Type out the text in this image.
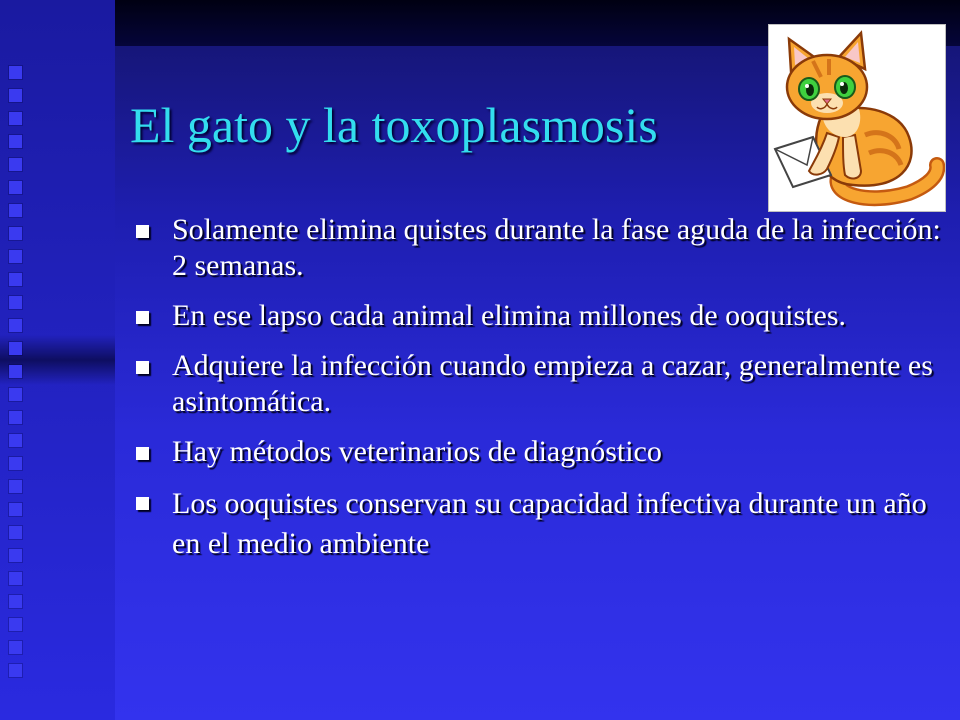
El gato y la toxoplasmosis
Solamente elimina quistes durante la fase aguda de la infección: 2 semanas.
En ese lapso cada animal elimina millones de ooquistes.
Adquiere la infección cuando empieza a cazar, generalmente es asintomática.
Hay métodos veterinarios de diagnóstico
Los ooquistes conservan su capacidad infectiva durante un año en el medio ambiente
